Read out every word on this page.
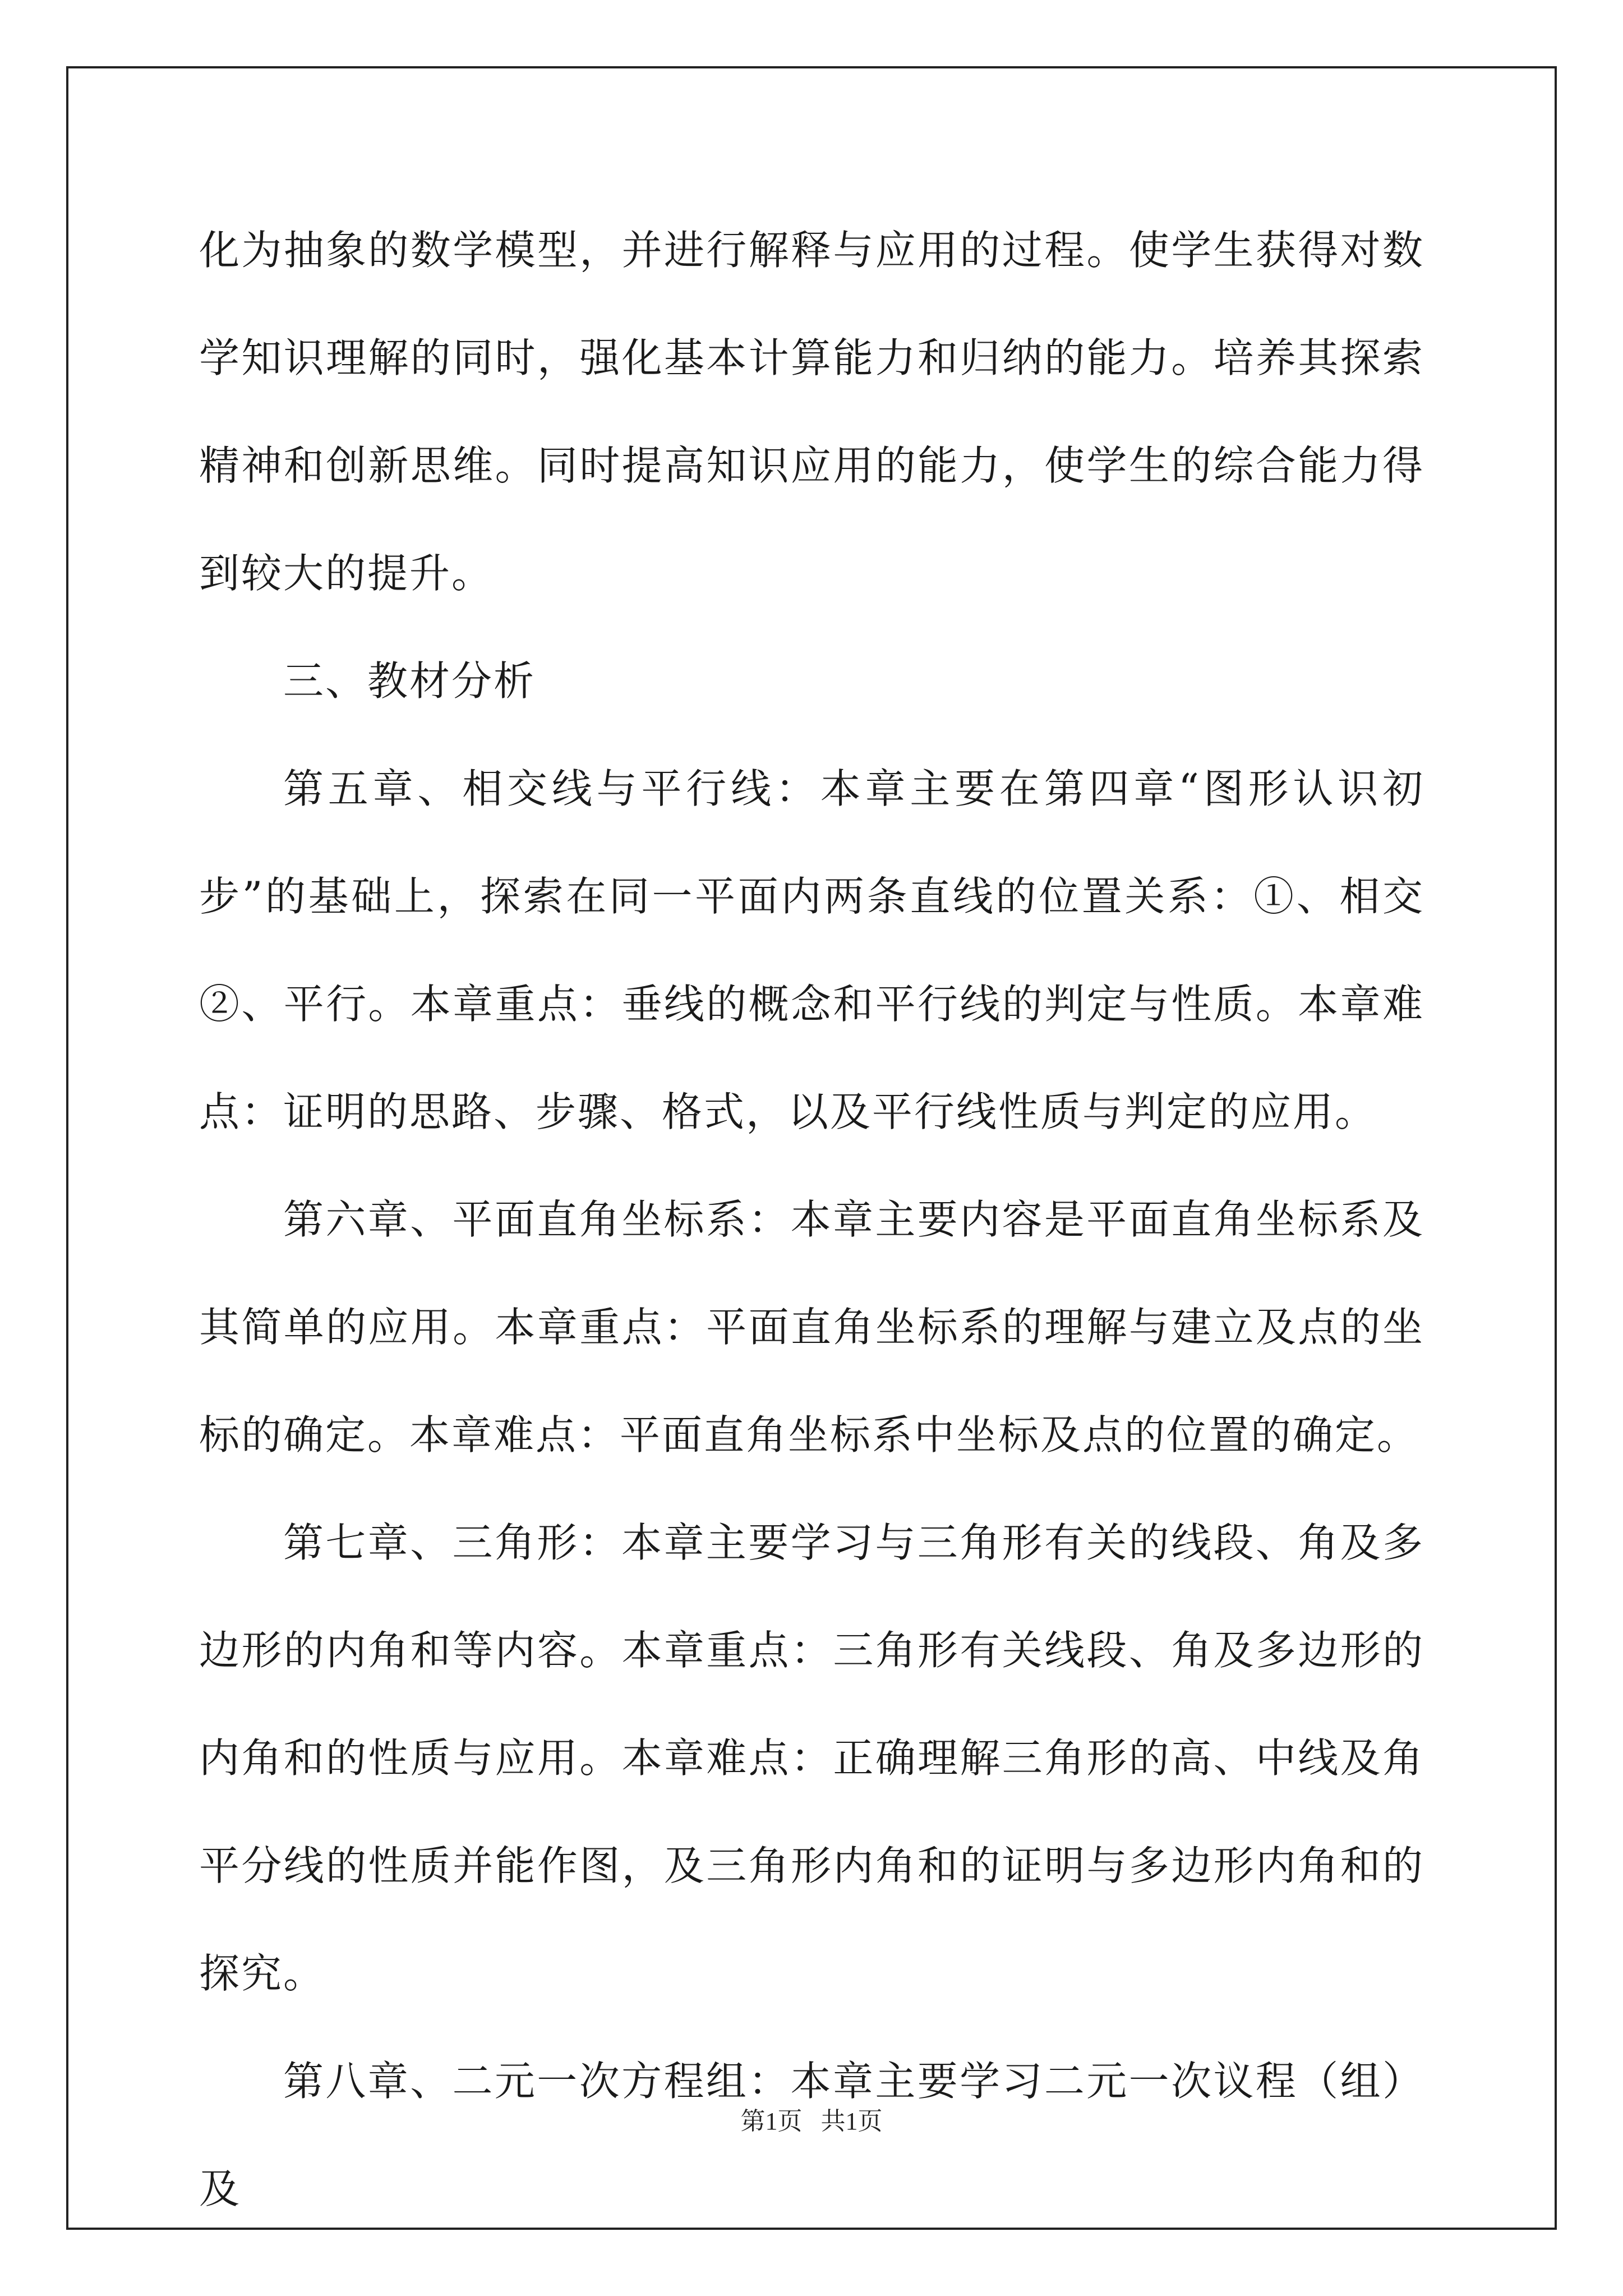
化为抽象的数学模型，并进行解释与应用的过程。使学生获得对数学知识理解的同时，强化基本计算能力和归纳的能力。培养其探索精神和创新思维。同时提高知识应用的能力，使学生的综合能力得到较大的提升。

三、教材分析

第五章、相交线与平行线：本章主要在第四章“图形认识初步”的基础上，探索在同一平面内两条直线的位置关系：①、相交 ②、平行。本章重点：垂线的概念和平行线的判定与性质。本章难点：证明的思路、步骤、格式，以及平行线性质与判定的应用。

第六章、平面直角坐标系：本章主要内容是平面直角坐标系及其简单的应用。本章重点：平面直角坐标系的理解与建立及点的坐标的确定。本章难点：平面直角坐标系中坐标及点的位置的确定。

第七章、三角形：本章主要学习与三角形有关的线段、角及多边形的内角和等内容。本章重点：三角形有关线段、角及多边形的内角和的性质与应用。本章难点：正确理解三角形的高、中线及角平分线的性质并能作图，及三角形内角和的证明与多边形内角和的探究。

第八章、二元一次方程组：本章主要学习二元一次议程（组）及

第1页   共1页
